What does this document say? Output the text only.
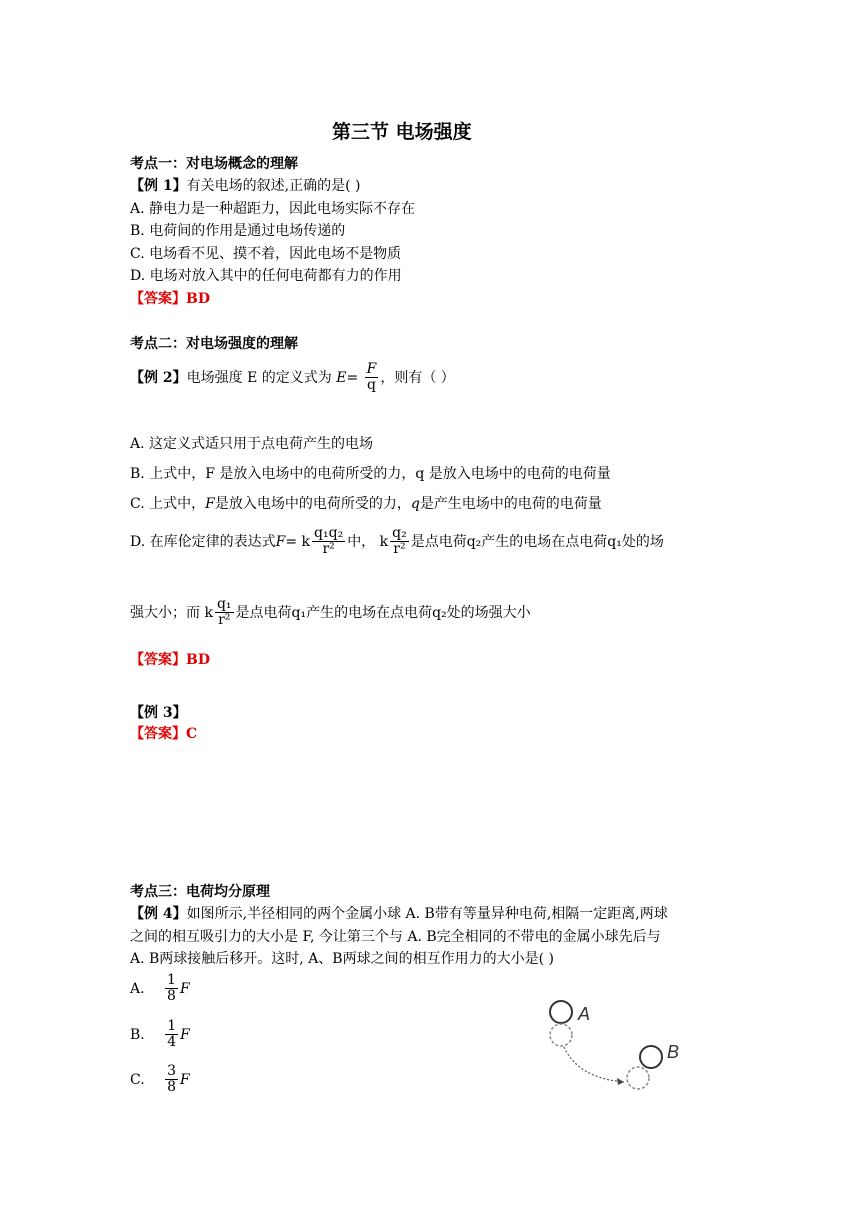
第三节 电场强度
考点一：对电场概念的理解
【例 1】有关电场的叙述,正确的是( )
A. 静电力是一种超距力，因此电场实际不存在
B. 电荷间的作用是通过电场传递的
C. 电场看不见、摸不着，因此电场不是物质
D. 电场对放入其中的任何电荷都有力的作用
【答案】BD
考点二：对电场强度的理解
【例 2】电场强度 E 的定义式为 $E= \frac{F}{q}$ ，则有（ ）
A. 这定义式适只用于点电荷产生的电场
B. 上式中，F 是放入电场中的电荷所受的力，q 是放入电场中的电荷的电荷量
C. 上式中，F是放入电场中的电荷所受的力，q是产生电场中的电荷的电荷量
D. 在库伦定律的表达式F= k $\frac{\text{q₁q₂}}{\text{r²}}$ 中， k $\frac{\text{q₂}}{\text{r²}}$ 是点电荷q₂产生的电场在点电荷q₁处的场
强大小；而 k $\frac{\text{q₁}}{\text{r²}}$ 是点电荷q₁产生的电场在点电荷q₂处的场强大小
【答案】BD
【例 3】
【答案】C
考点三：电荷均分原理
【例 4】如图所示,半径相同的两个金属小球 A. B带有等量异种电荷,相隔一定距离,两球
之间的相互吸引力的大小是 F, 今让第三个与 A. B完全相同的不带电的金属小球先后与
A. B两球接触后移开。这时, A、B两球之间的相互作用力的大小是( )
A. $\frac{1}{8}$ F
B. $\frac{1}{4}$ F
C. $\frac{3}{8}$ F
A
B
